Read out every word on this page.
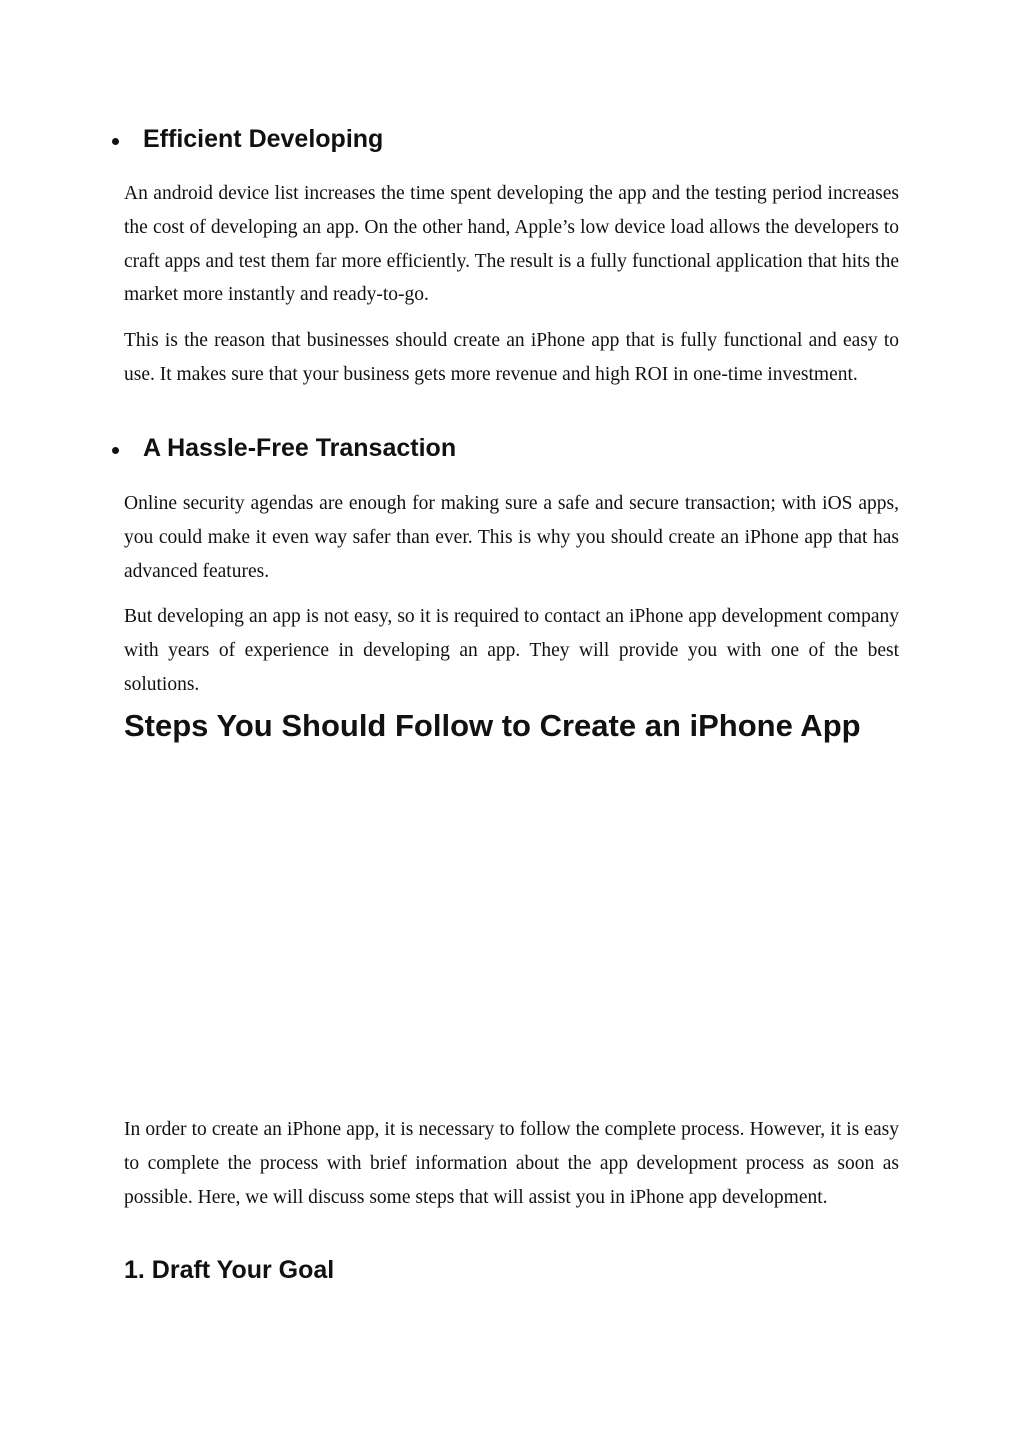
Efficient Developing

An android device list increases the time spent developing the app and the testing period increases the cost of developing an app. On the other hand, Apple’s low device load allows the developers to craft apps and test them far more efficiently. The result is a fully functional application that hits the market more instantly and ready-to-go.

This is the reason that businesses should create an iPhone app that is fully functional and easy to use. It makes sure that your business gets more revenue and high ROI in one-time investment.

A Hassle-Free Transaction

Online security agendas are enough for making sure a safe and secure transaction; with iOS apps, you could make it even way safer than ever. This is why you should create an iPhone app that has advanced features.

But developing an app is not easy, so it is required to contact an iPhone app development company with years of experience in developing an app. They will provide you with one of the best solutions.

Steps You Should Follow to Create an iPhone App

In order to create an iPhone app, it is necessary to follow the complete process. However, it is easy to complete the process with brief information about the app development process as soon as possible. Here, we will discuss some steps that will assist you in iPhone app development.

1. Draft Your Goal
